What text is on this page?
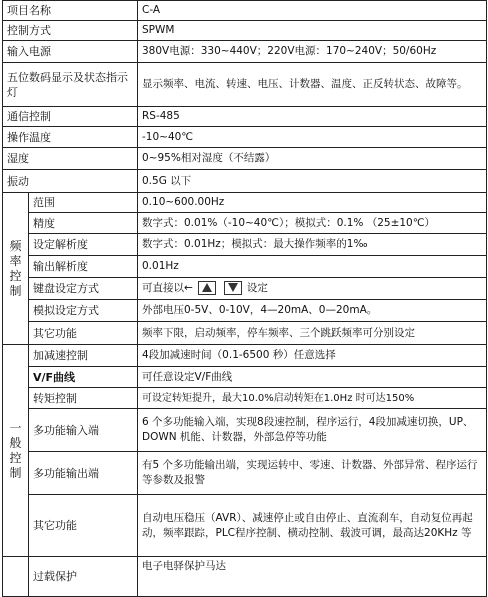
项目名称		C-A
控制方式		SPWM
输入电源		380V电源：330~440V；220V电源：170~240V；50/60Hz
五位数码显示及状态指示灯		显示频率、电流、转速、电压、计数器、温度、正反转状态、故障等。
通信控制		RS-485
操作温度		-10~40℃
湿度		0~95%相对湿度（不结露）
振动		0.5G 以下

频
率
控
制	范围	0.10~600.00Hz
	精度	数字式：0.01%（-10~40℃）；模拟式：0.1% （25±10℃）
	设定解析度	数字式：0.01Hz；模拟式：最大操作频率的1‰
	输出解析度	0.01Hz
	键盘设定方式	可直接以← 设定
	模拟设定方式	外部电压0-5V、0-10V，4—20mA、0—20mA。
	其它功能	频率下限，启动频率，停车频率、三个跳跃频率可分别设定

一
般
控
制	加减速控制	4段加减速时间（0.1-6500 秒）任意选择
	V/F曲线	可任意设定V/F曲线
	转矩控制	可设定转矩提升，最大10.0%启动转矩在1.0Hz 时可达150%
	多功能输入端	6 个多功能输入端，实现8段速控制，程序运行，4段加减速切换，UP、DOWN 机能、计数器，外部急停等功能
	多功能输出端	有5 个多功能输出端，实现运转中、零速、计数器、外部异常、程序运行等参数及报警
	其它功能	自动电压稳压（AVR）、减速停止或自由停止、直流刹车，自动复位再起动，频率跟踪，PLC程序控制、横动控制、载波可调，最高达20KHz 等
	过载保护	电子电驿保护马达
